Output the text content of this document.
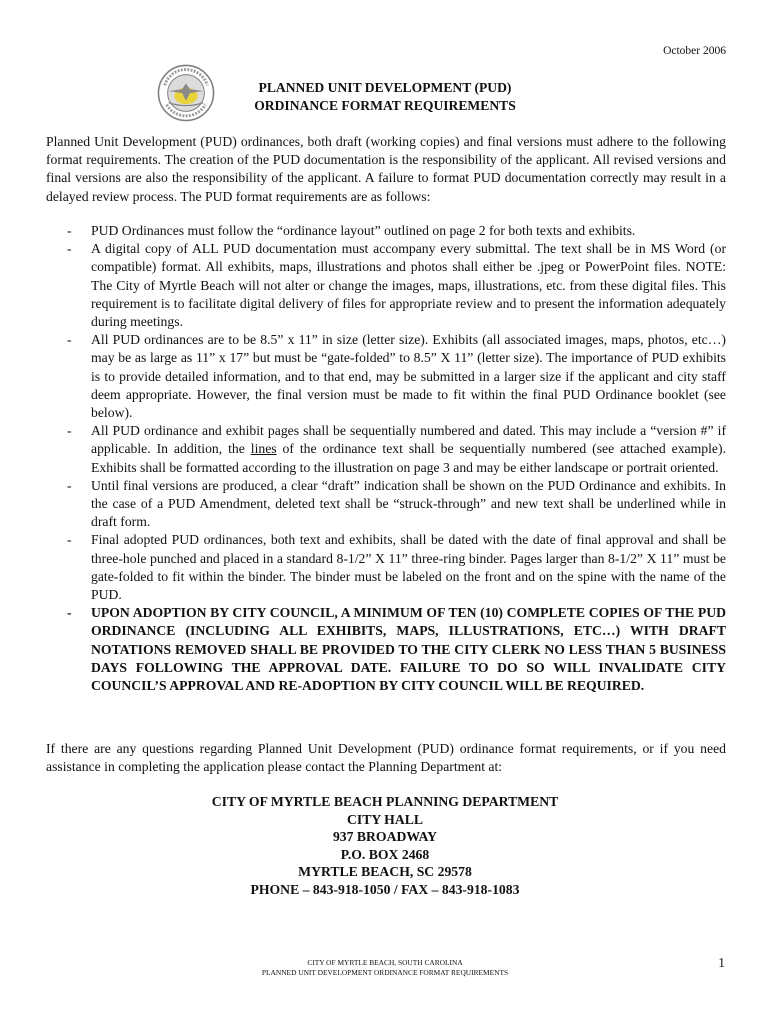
October 2006
PLANNED UNIT DEVELOPMENT (PUD)
ORDINANCE FORMAT REQUIREMENTS

Planned Unit Development (PUD) ordinances, both draft (working copies) and final versions must adhere to the following format requirements. The creation of the PUD documentation is the responsibility of the applicant. All revised versions and final versions are also the responsibility of the applicant. A failure to format PUD documentation correctly may result in a delayed review process. The PUD format requirements are as follows:

- PUD Ordinances must follow the “ordinance layout” outlined on page 2 for both texts and exhibits.
- A digital copy of ALL PUD documentation must accompany every submittal. The text shall be in MS Word (or compatible) format. All exhibits, maps, illustrations and photos shall either be .jpeg or PowerPoint files. NOTE: The City of Myrtle Beach will not alter or change the images, maps, illustrations, etc. from these digital files. This requirement is to facilitate digital delivery of files for appropriate review and to present the information adequately during meetings.
- All PUD ordinances are to be 8.5” x 11” in size (letter size). Exhibits (all associated images, maps, photos, etc…) may be as large as 11” x 17” but must be “gate-folded” to 8.5” X 11” (letter size). The importance of PUD exhibits is to provide detailed information, and to that end, may be submitted in a larger size if the applicant and city staff deem appropriate. However, the final version must be made to fit within the final PUD Ordinance booklet (see below).
- All PUD ordinance and exhibit pages shall be sequentially numbered and dated. This may include a “version #” if applicable. In addition, the lines of the ordinance text shall be sequentially numbered (see attached example). Exhibits shall be formatted according to the illustration on page 3 and may be either landscape or portrait oriented.
- Until final versions are produced, a clear “draft” indication shall be shown on the PUD Ordinance and exhibits. In the case of a PUD Amendment, deleted text shall be “struck-through” and new text shall be underlined while in draft form.
- Final adopted PUD ordinances, both text and exhibits, shall be dated with the date of final approval and shall be three-hole punched and placed in a standard 8-1/2” X 11” three-ring binder. Pages larger than 8-1/2” X 11” must be gate-folded to fit within the binder. The binder must be labeled on the front and on the spine with the name of the PUD.
- UPON ADOPTION BY CITY COUNCIL, A MINIMUM OF TEN (10) COMPLETE COPIES OF THE PUD ORDINANCE (INCLUDING ALL EXHIBITS, MAPS, ILLUSTRATIONS, ETC…) WITH DRAFT NOTATIONS REMOVED SHALL BE PROVIDED TO THE CITY CLERK NO LESS THAN 5 BUSINESS DAYS FOLLOWING THE APPROVAL DATE. FAILURE TO DO SO WILL INVALIDATE CITY COUNCIL’S APPROVAL AND RE-ADOPTION BY CITY COUNCIL WILL BE REQUIRED.

If there are any questions regarding Planned Unit Development (PUD) ordinance format requirements, or if you need assistance in completing the application please contact the Planning Department at:

CITY OF MYRTLE BEACH PLANNING DEPARTMENT
CITY HALL
937 BROADWAY
P.O. BOX 2468
MYRTLE BEACH, SC 29578
PHONE – 843-918-1050 / FAX – 843-918-1083
CITY OF MYRTLE BEACH, SOUTH CAROLINA
PLANNED UNIT DEVELOPMENT ORDINANCE FORMAT REQUIREMENTS
1
